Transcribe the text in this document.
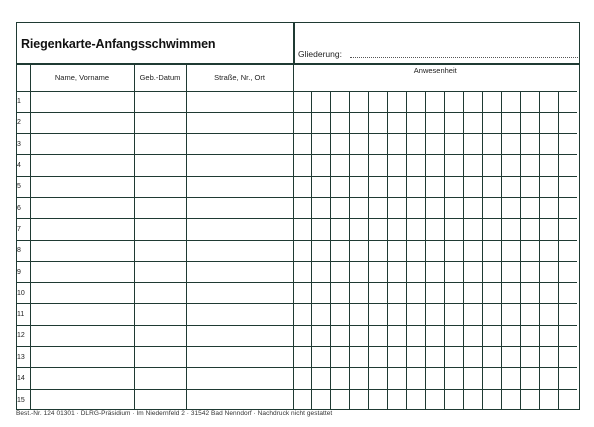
Riegenkarte-Anfangsschwimmen
Gliederung:
	Name, Vorname	Geb.-Datum	Straße, Nr., Ort	Anwesenheit														
1																		
2																		
3																		
4																		
5																		
6																		
7																		
8																		
9																		
10																		
11																		
12																		
13																		
14																		
15																		
Best.-Nr. 124 01301 · DLRG-Präsidium · Im Niedernfeld 2 · 31542 Bad Nenndorf · Nachdruck nicht gestattet
